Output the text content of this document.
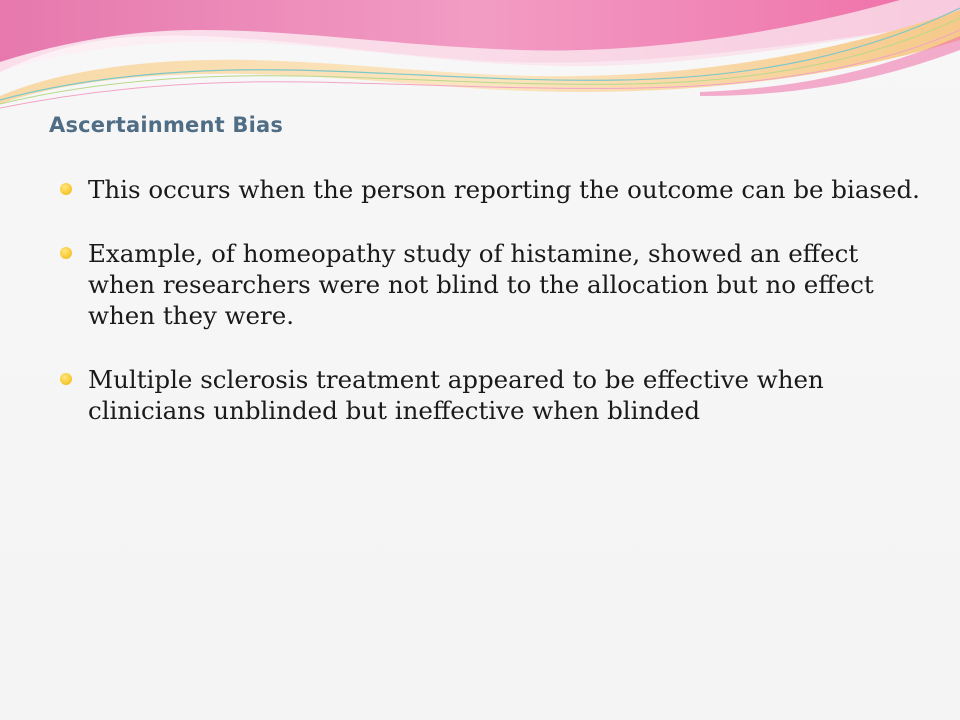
Ascertainment Bias
This occurs when the person reporting the outcome can be biased.
Example, of homeopathy study of histamine, showed an effect when researchers were not blind to the allocation but no effect when they were.
Multiple sclerosis treatment appeared to be effective when clinicians unblinded but ineffective when blinded
